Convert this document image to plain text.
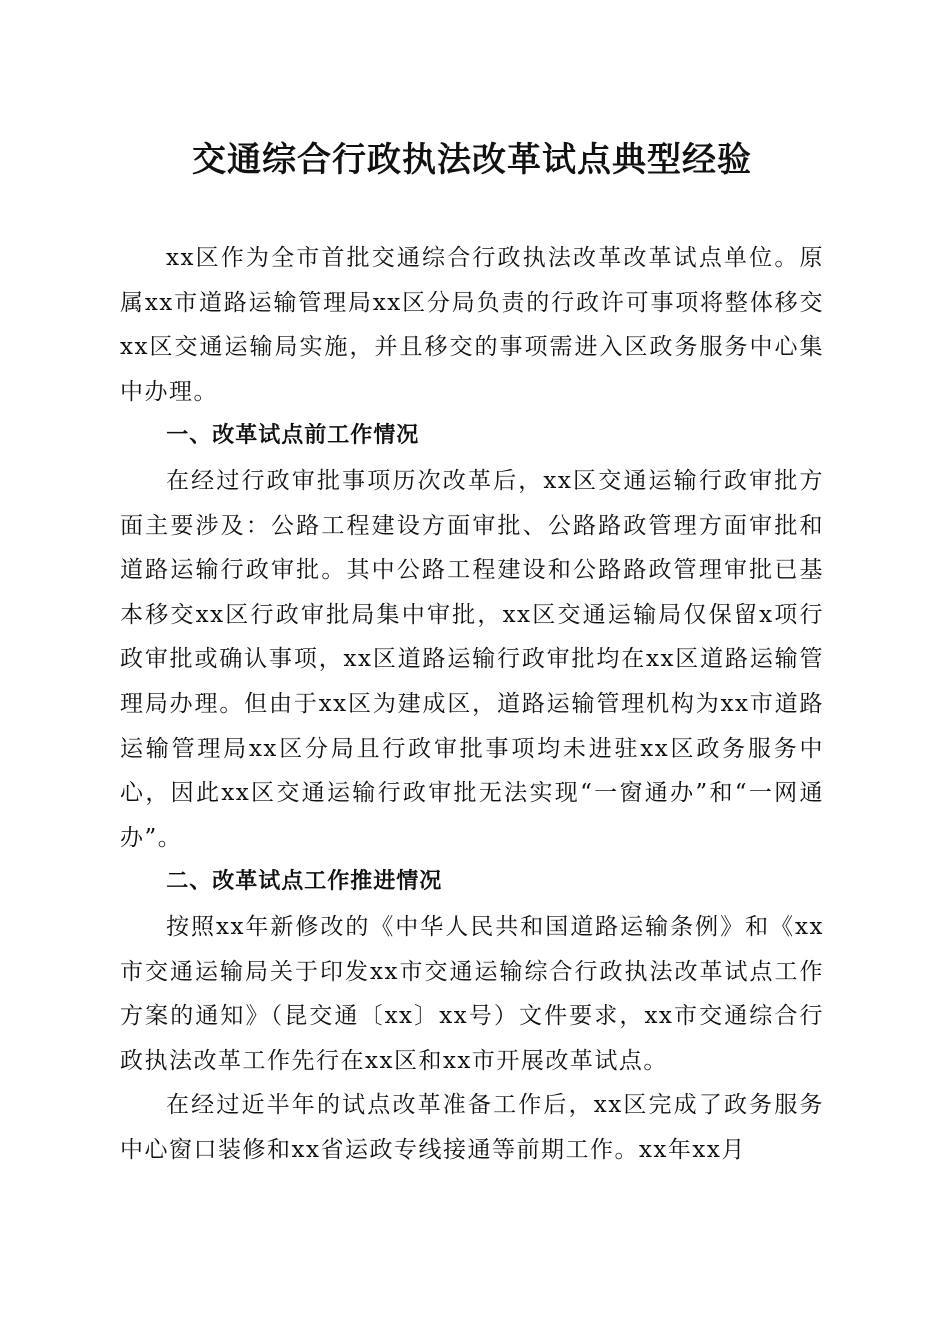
交通综合行政执法改革试点典型经验

xx区作为全市首批交通综合行政执法改革改革试点单位。原属xx市道路运输管理局xx区分局负责的行政许可事项将整体移交xx区交通运输局实施，并且移交的事项需进入区政务服务中心集中办理。

一、改革试点前工作情况

在经过行政审批事项历次改革后，xx区交通运输行政审批方面主要涉及：公路工程建设方面审批、公路路政管理方面审批和道路运输行政审批。其中公路工程建设和公路路政管理审批已基本移交xx区行政审批局集中审批，xx区交通运输局仅保留x项行政审批或确认事项，xx区道路运输行政审批均在xx区道路运输管理局办理。但由于xx区为建成区，道路运输管理机构为xx市道路运输管理局xx区分局且行政审批事项均未进驻xx区政务服务中心，因此xx区交通运输行政审批无法实现“一窗通办”和“一网通办”。

二、改革试点工作推进情况

按照xx年新修改的《中华人民共和国道路运输条例》和《xx市交通运输局关于印发xx市交通运输综合行政执法改革试点工作方案的通知》（昆交通〔xx〕xx号）文件要求，xx市交通综合行政执法改革工作先行在xx区和xx市开展改革试点。

在经过近半年的试点改革准备工作后，xx区完成了政务服务中心窗口装修和xx省运政专线接通等前期工作。xx年xx月
